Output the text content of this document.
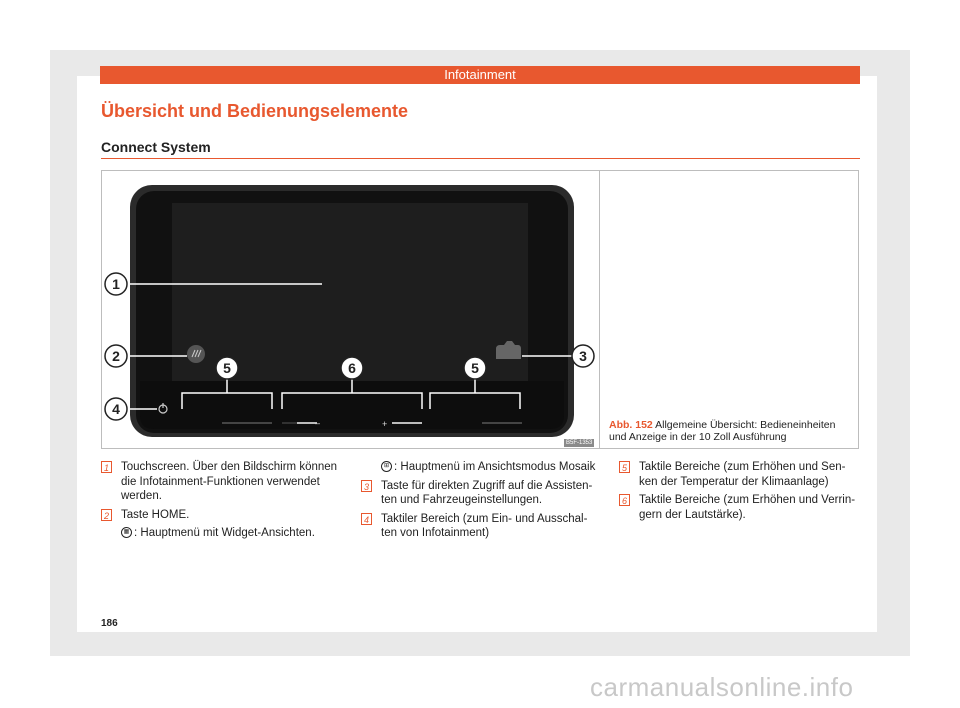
Infotainment
Übersicht und Bedienungselemente
Connect System
–	+
1
2	3
4
5	6	5
B5F-1353
Abb. 152 Allgemeine Übersicht: Bedieneinheiten und Anzeige in der 10 Zoll Ausführung
1 Touchscreen. Über den Bildschirm können die Infotainment-Funktionen verwendet werden.
2 Taste HOME.
▦ : Hauptmenü mit Widget-Ansichten.
⊞ : Hauptmenü im Ansichtsmodus Mosaik
3 Taste für direkten Zugriff auf die Assisten-ten und Fahrzeugeinstellungen.
4 Taktiler Bereich (zum Ein- und Ausschal-ten von Infotainment)
5 Taktile Bereiche (zum Erhöhen und Sen-ken der Temperatur der Klimaanlage)
6 Taktile Bereiche (zum Erhöhen und Verrin-gern der Lautstärke).
186
carmanualsonline.info
